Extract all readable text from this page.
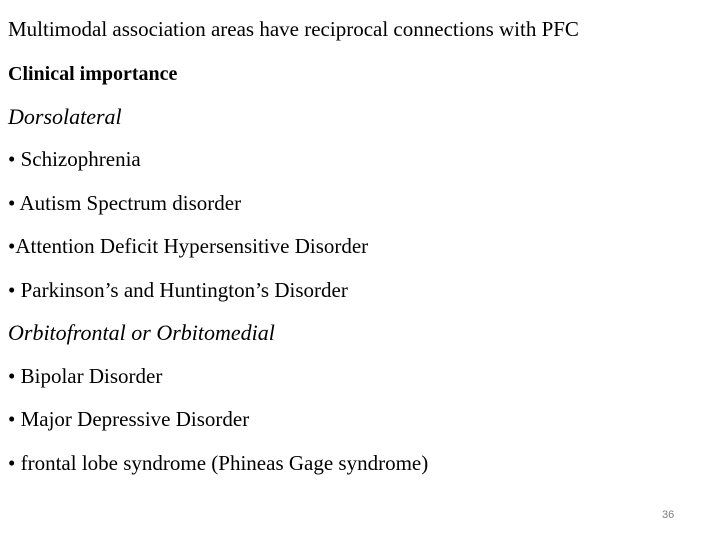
Multimodal association areas have reciprocal connections with PFC
Clinical importance
Dorsolateral
• Schizophrenia
• Autism Spectrum disorder
•Attention Deficit Hypersensitive Disorder
• Parkinson’s and Huntington’s Disorder
Orbitofrontal or Orbitomedial
• Bipolar Disorder
• Major Depressive Disorder
• frontal lobe syndrome (Phineas Gage syndrome)
36
